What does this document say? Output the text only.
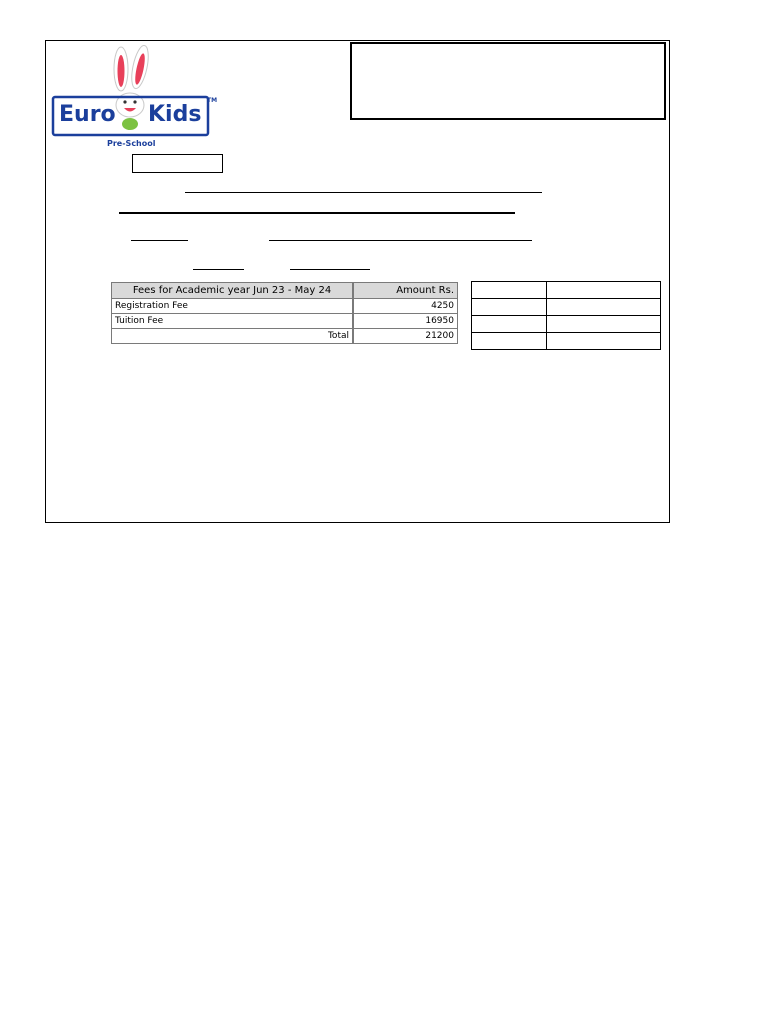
Euro Kids
TM
Pre-School
Fees for Academic year Jun 23 - May 24	Amount Rs.
Registration Fee	4250
Tuition Fee	16950
Total	21200
